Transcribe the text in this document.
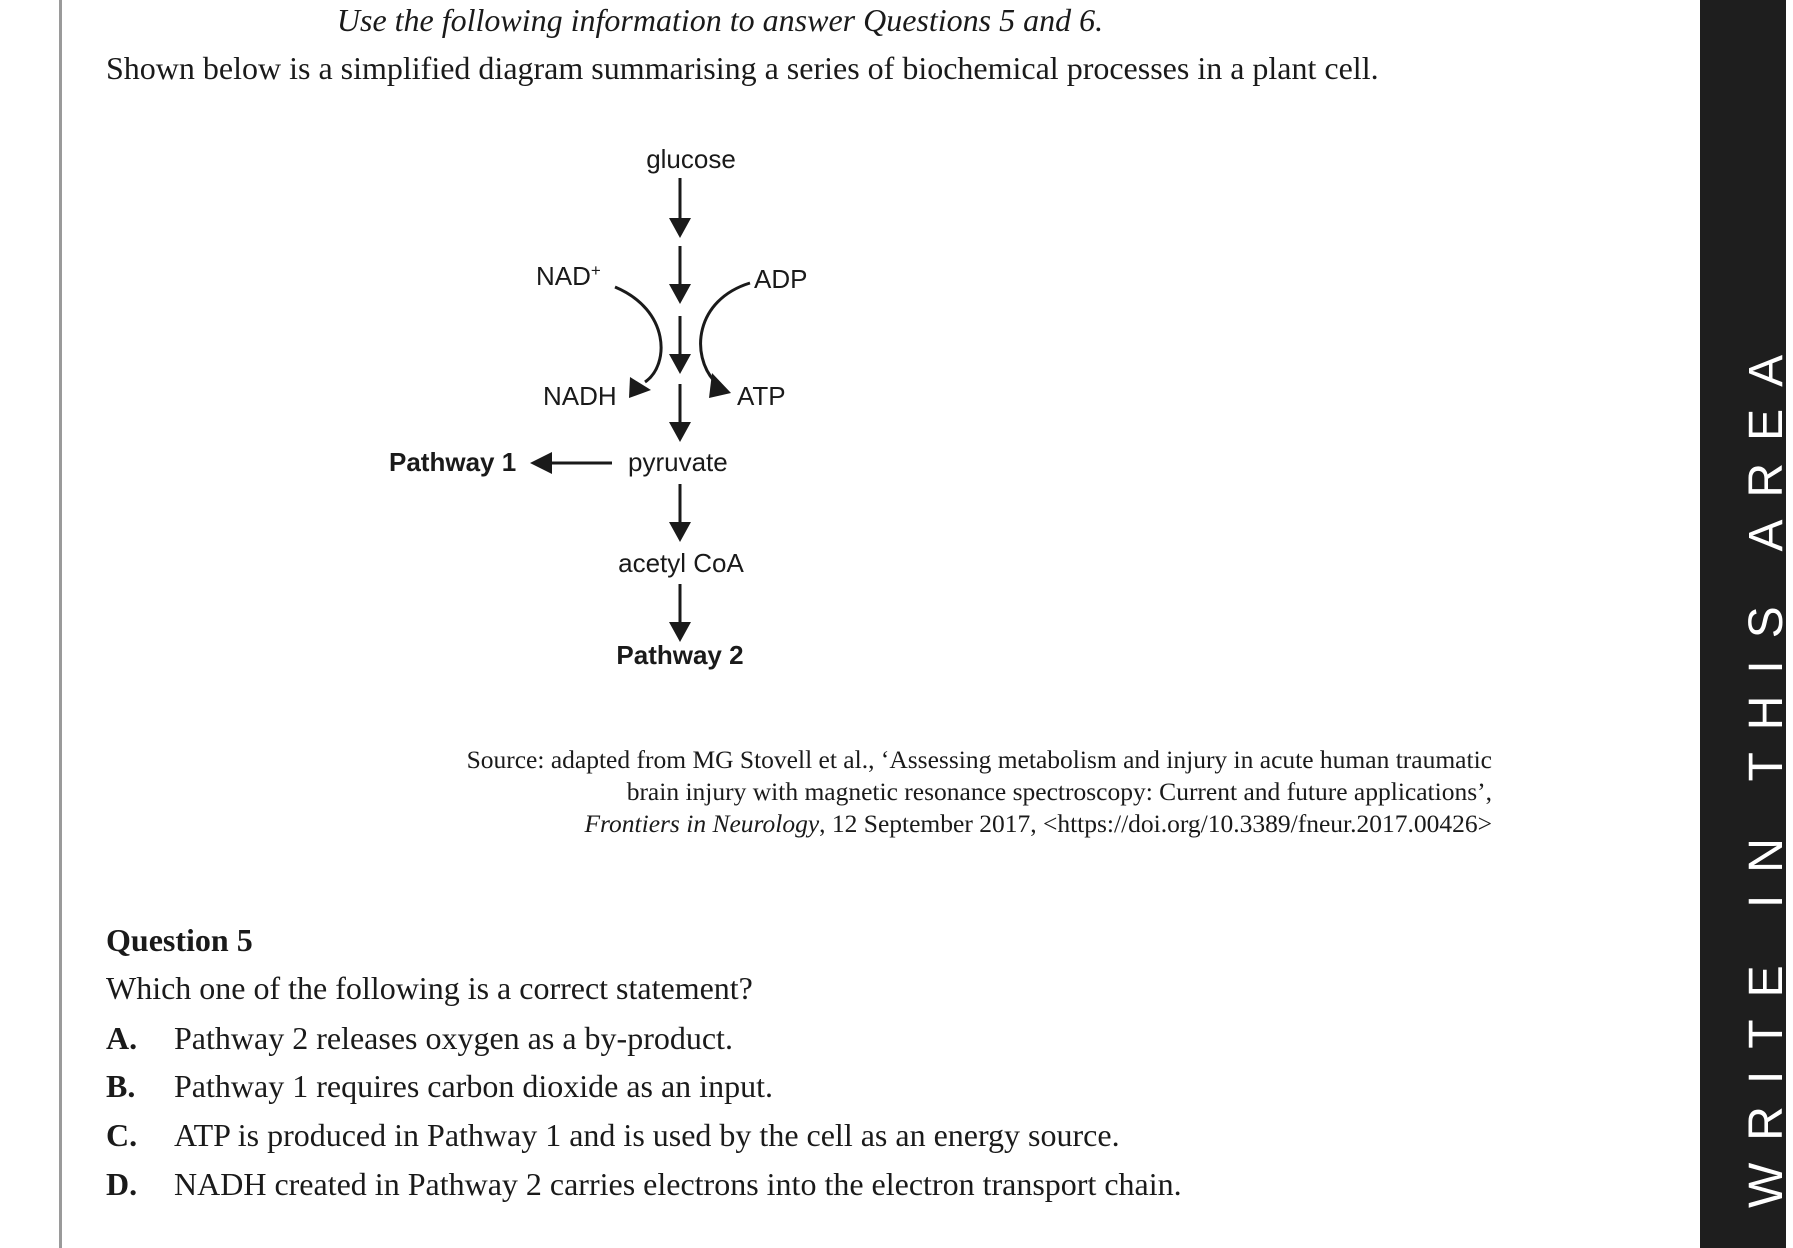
WRITE IN THIS AREA
Use the following information to answer Questions 5 and 6.
Shown below is a simplified diagram summarising a series of biochemical processes in a plant cell.
glucose
NAD+	ADP
NADH	ATP
Pathway 1	pyruvate
acetyl CoA
Pathway 2
Source: adapted from MG Stovell et al., ‘Assessing metabolism and injury in acute human traumatic
brain injury with magnetic resonance spectroscopy: Current and future applications’,
Frontiers in Neurology, 12 September 2017, <https://doi.org/10.3389/fneur.2017.00426>
Question 5
Which one of the following is a correct statement?
A. Pathway 2 releases oxygen as a by-product.
B. Pathway 1 requires carbon dioxide as an input.
C. ATP is produced in Pathway 1 and is used by the cell as an energy source.
D. NADH created in Pathway 2 carries electrons into the electron transport chain.
